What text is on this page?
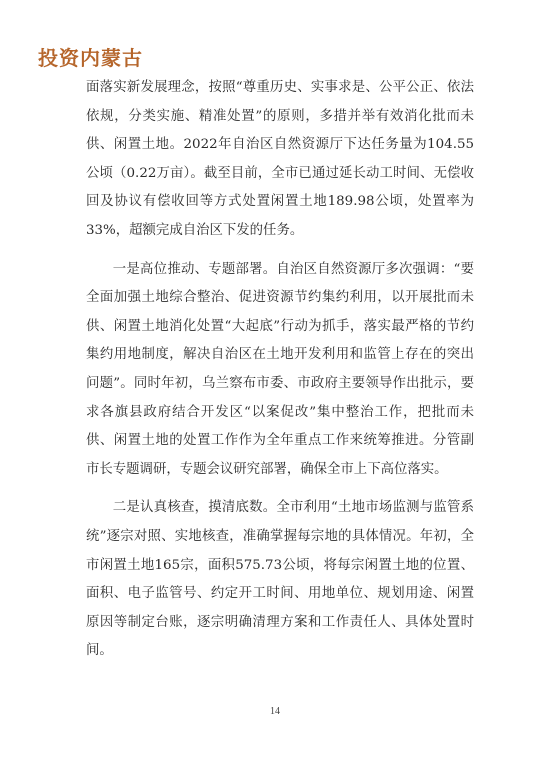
投资内蒙古

面落实新发展理念，按照“尊重历史、实事求是、公平公正、依法依规，分类实施、精准处置”的原则，多措并举有效消化批而未供、闲置土地。2022年自治区自然资源厅下达任务量为104.55公顷（0.22万亩）。截至目前，全市已通过延长动工时间、无偿收回及协议有偿收回等方式处置闲置土地189.98公顷，处置率为33%，超额完成自治区下发的任务。

一是高位推动、专题部署。自治区自然资源厅多次强调：“要全面加强土地综合整治、促进资源节约集约利用，以开展批而未供、闲置土地消化处置“大起底”行动为抓手，落实最严格的节约集约用地制度，解决自治区在土地开发利用和监管上存在的突出问题”。同时年初，乌兰察布市委、市政府主要领导作出批示，要求各旗县政府结合开发区“以案促改”集中整治工作，把批而未供、闲置土地的处置工作作为全年重点工作来统筹推进。分管副市长专题调研，专题会议研究部署，确保全市上下高位落实。

二是认真核查，摸清底数。全市利用“土地市场监测与监管系统”逐宗对照、实地核查，准确掌握每宗地的具体情况。年初，全市闲置土地165宗，面积575.73公顷，将每宗闲置土地的位置、面积、电子监管号、约定开工时间、用地单位、规划用途、闲置原因等制定台账，逐宗明确清理方案和工作责任人、具体处置时间。

14
